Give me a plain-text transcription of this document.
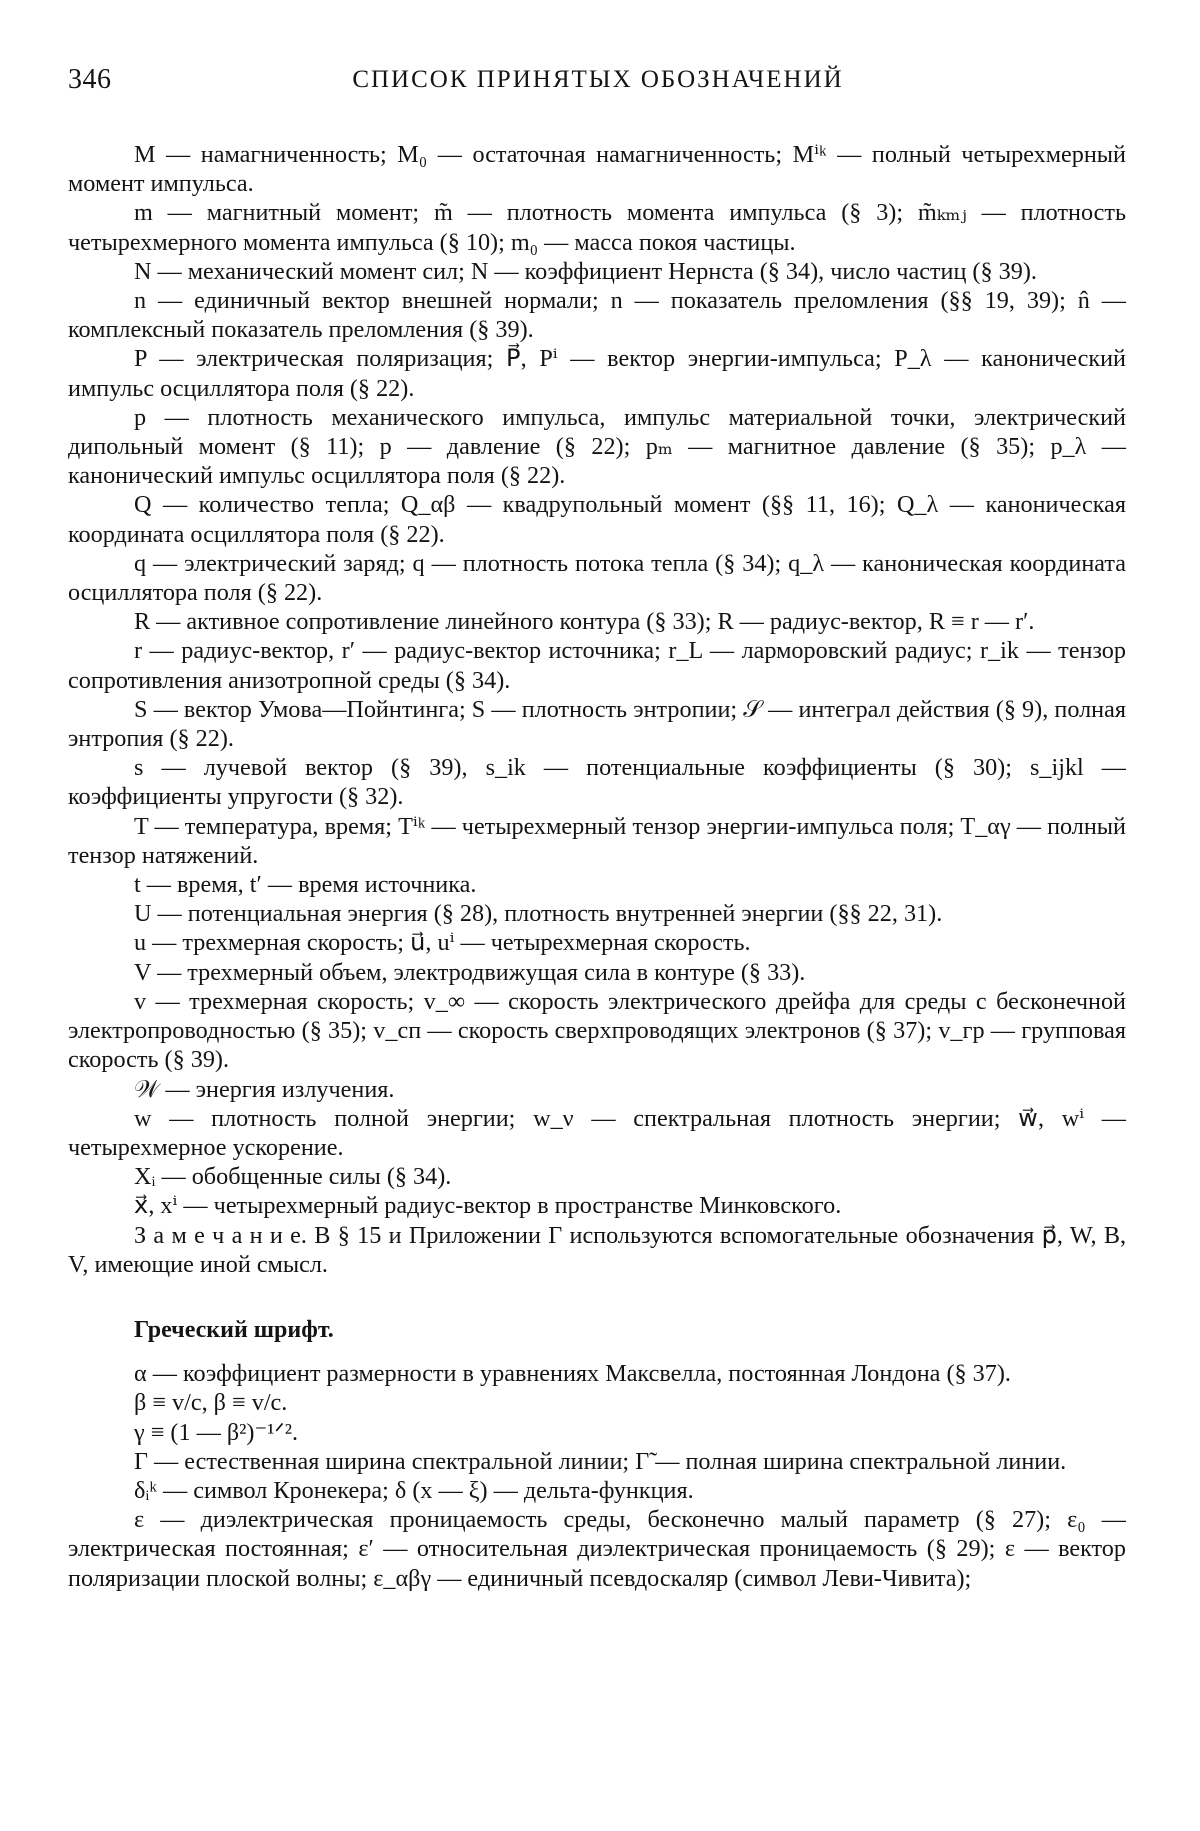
346	СПИСОК ПРИНЯТЫХ ОБОЗНАЧЕНИЙ

M — намагниченность; M₀ — остаточная намагниченность; Mⁱᵏ — полный четырехмерный момент импульса.

m — магнитный момент; m̃ — плотность момента импульса (§ 3); m̃ₖₘⱼ — плотность четырехмерного момента импульса (§ 10); m₀ — масса покоя частицы.

N — механический момент сил; N — коэффициент Нернста (§ 34), число частиц (§ 39).

n — единичный вектор внешней нормали; n — показатель преломления (§§ 19, 39); n̂ — комплексный показатель преломления (§ 39).

P — электрическая поляризация; P⃗, Pⁱ — вектор энергии-импульса; P_λ — канонический импульс осциллятора поля (§ 22).

p — плотность механического импульса, импульс материальной точки, электрический дипольный момент (§ 11); p — давление (§ 22); pₘ — магнитное давление (§ 35); p_λ — канонический импульс осциллятора поля (§ 22).

Q — количество тепла; Q_αβ — квадрупольный момент (§§ 11, 16); Q_λ — каноническая координата осциллятора поля (§ 22).

q — электрический заряд; q — плотность потока тепла (§ 34); q_λ — каноническая координата осциллятора поля (§ 22).

R — активное сопротивление линейного контура (§ 33); R — радиус-вектор, R ≡ r — r′.

r — радиус-вектор, r′ — радиус-вектор источника; r_L — ларморовский радиус; r_ik — тензор сопротивления анизотропной среды (§ 34).

S — вектор Умова—Пойнтинга; S — плотность энтропии; 𝒮 — интеграл действия (§ 9), полная энтропия (§ 22).

s — лучевой вектор (§ 39), s_ik — потенциальные коэффициенты (§ 30); s_ijkl — коэффициенты упругости (§ 32).

T — температура, время; Tⁱᵏ — четырехмерный тензор энергии-импульса поля; T_αγ — полный тензор натяжений.

t — время, t′ — время источника.

U — потенциальная энергия (§ 28), плотность внутренней энергии (§§ 22, 31).

u — трехмерная скорость; u⃗, uⁱ — четырехмерная скорость.

V — трехмерный объем, электродвижущая сила в контуре (§ 33).

v — трехмерная скорость; v_∞ — скорость электрического дрейфа для среды с бесконечной электропроводностью (§ 35); v_сп — скорость сверхпроводящих электронов (§ 37); v_гр — групповая скорость (§ 39).

𝒲 — энергия излучения.

w — плотность полной энергии; w_ν — спектральная плотность энергии; w⃗, wⁱ — четырехмерное ускорение.

Xᵢ — обобщенные силы (§ 34).

x⃗, xⁱ — четырехмерный радиус-вектор в пространстве Минковского.

З а м е ч а н и е. В § 15 и Приложении Г используются вспомогательные обозначения p⃗, W, B, V, имеющие иной смысл.

Греческий шрифт.

α — коэффициент размерности в уравнениях Максвелла, постоянная Лондона (§ 37).

β ≡ v/c, β ≡ v/c.

γ ≡ (1 — β²)⁻¹ᐟ².

Γ — естественная ширина спектральной линии; Γ̃ — полная ширина спектральной линии.

δᵢᵏ — символ Кронекера; δ (x — ξ) — дельта-функция.

ε — диэлектрическая проницаемость среды, бесконечно малый параметр (§ 27); ε₀ — электрическая постоянная; ε′ — относительная диэлектрическая проницаемость (§ 29); ε — вектор поляризации плоской волны; ε_αβγ — единичный псевдоскаляр (символ Леви-Чивита);
